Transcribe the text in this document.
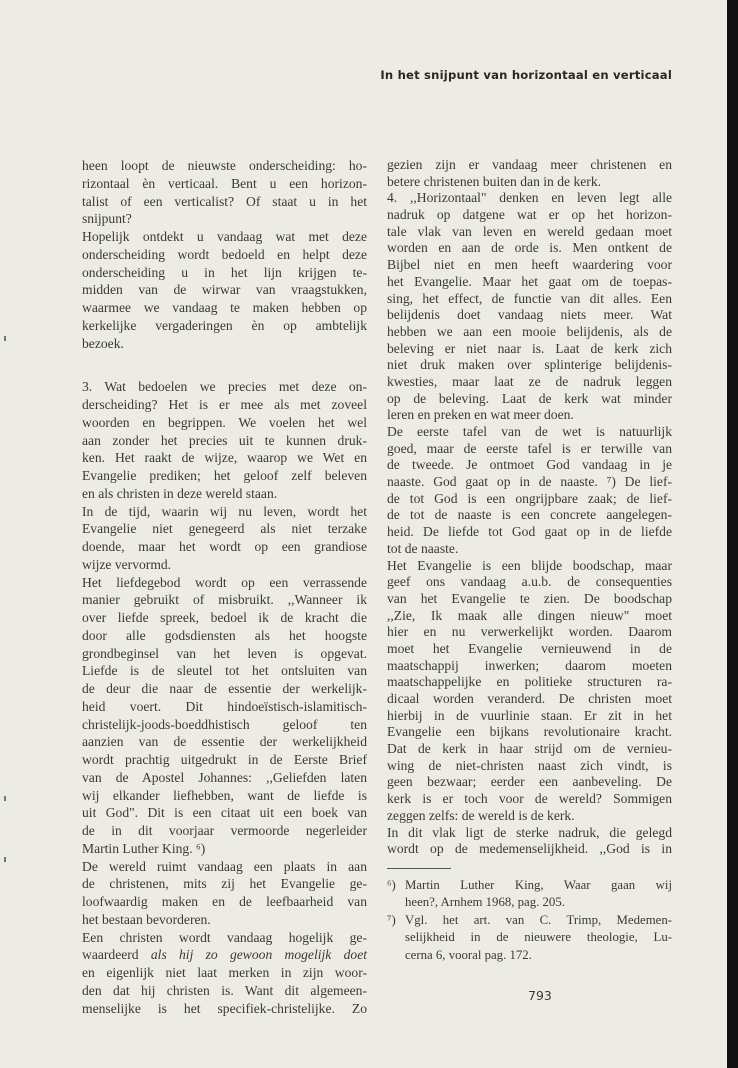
In het snijpunt van horizontaal en verticaal
heen loopt de nieuwste onderscheiding: ho-
rizontaal èn verticaal. Bent u een horizon-
talist of een verticalist? Of staat u in het
snijpunt?
Hopelijk ontdekt u vandaag wat met deze
onderscheiding wordt bedoeld en helpt deze
onderscheiding u in het lijn krijgen te-
midden van de wirwar van vraagstukken,
waarmee we vandaag te maken hebben op
kerkelijke vergaderingen èn op ambtelijk
bezoek.
3. Wat bedoelen we precies met deze on-
derscheiding? Het is er mee als met zoveel
woorden en begrippen. We voelen het wel
aan zonder het precies uit te kunnen druk-
ken. Het raakt de wijze, waarop we Wet en
Evangelie prediken; het geloof zelf beleven
en als christen in deze wereld staan.
In de tijd, waarin wij nu leven, wordt het
Evangelie niet genegeerd als niet terzake
doende, maar het wordt op een grandiose
wijze vervormd.
Het liefdegebod wordt op een verrassende
manier gebruikt of misbruikt. ,,Wanneer ik
over liefde spreek, bedoel ik de kracht die
door alle godsdiensten als het hoogste
grondbeginsel van het leven is opgevat.
Liefde is de sleutel tot het ontsluiten van
de deur die naar de essentie der werkelijk-
heid voert. Dit hindoeïstisch-islamitisch-
christelijk-joods-boeddhistisch geloof ten
aanzien van de essentie der werkelijkheid
wordt prachtig uitgedrukt in de Eerste Brief
van de Apostel Johannes: ,,Geliefden laten
wij elkander liefhebben, want de liefde is
uit God". Dit is een citaat uit een boek van
de in dit voorjaar vermoorde negerleider
Martin Luther King. ⁶)
De wereld ruimt vandaag een plaats in aan
de christenen, mits zij het Evangelie ge-
loofwaardig maken en de leefbaarheid van
het bestaan bevorderen.
Een christen wordt vandaag hogelijk ge-
waardeerd als hij zo gewoon mogelijk doet
en eigenlijk niet laat merken in zijn woor-
den dat hij christen is. Want dit algemeen-
menselijke is het specifiek-christelijke. Zo
gezien zijn er vandaag meer christenen en
betere christenen buiten dan in de kerk.
4. ,,Horizontaal" denken en leven legt alle
nadruk op datgene wat er op het horizon-
tale vlak van leven en wereld gedaan moet
worden en aan de orde is. Men ontkent de
Bijbel niet en men heeft waardering voor
het Evangelie. Maar het gaat om de toepas-
sing, het effect, de functie van dit alles. Een
belijdenis doet vandaag niets meer. Wat
hebben we aan een mooie belijdenis, als de
beleving er niet naar is. Laat de kerk zich
niet druk maken over splinterige belijdenis-
kwesties, maar laat ze de nadruk leggen
op de beleving. Laat de kerk wat minder
leren en preken en wat meer doen.
De eerste tafel van de wet is natuurlijk
goed, maar de eerste tafel is er terwille van
de tweede. Je ontmoet God vandaag in je
naaste. God gaat op in de naaste. ⁷) De lief-
de tot God is een ongrijpbare zaak; de lief-
de tot de naaste is een concrete aangelegen-
heid. De liefde tot God gaat op in de liefde
tot de naaste.
Het Evangelie is een blijde boodschap, maar
geef ons vandaag a.u.b. de consequenties
van het Evangelie te zien. De boodschap
,,Zie, Ik maak alle dingen nieuw" moet
hier en nu verwerkelijkt worden. Daarom
moet het Evangelie vernieuwend in de
maatschappij inwerken; daarom moeten
maatschappelijke en politieke structuren ra-
dicaal worden veranderd. De christen moet
hierbij in de vuurlinie staan. Er zit in het
Evangelie een bijkans revolutionaire kracht.
Dat de kerk in haar strijd om de vernieu-
wing de niet-christen naast zich vindt, is
geen bezwaar; eerder een aanbeveling. De
kerk is er toch voor de wereld? Sommigen
zeggen zelfs: de wereld is de kerk.
In dit vlak ligt de sterke nadruk, die gelegd
wordt op de medemenselijkheid. ,,God is in
⁶) Martin Luther King, Waar gaan wij
heen?, Arnhem 1968, pag. 205.
⁷) Vgl. het art. van C. Trimp, Medemen-
selijkheid in de nieuwere theologie, Lu-
cerna 6, vooral pag. 172.
793
